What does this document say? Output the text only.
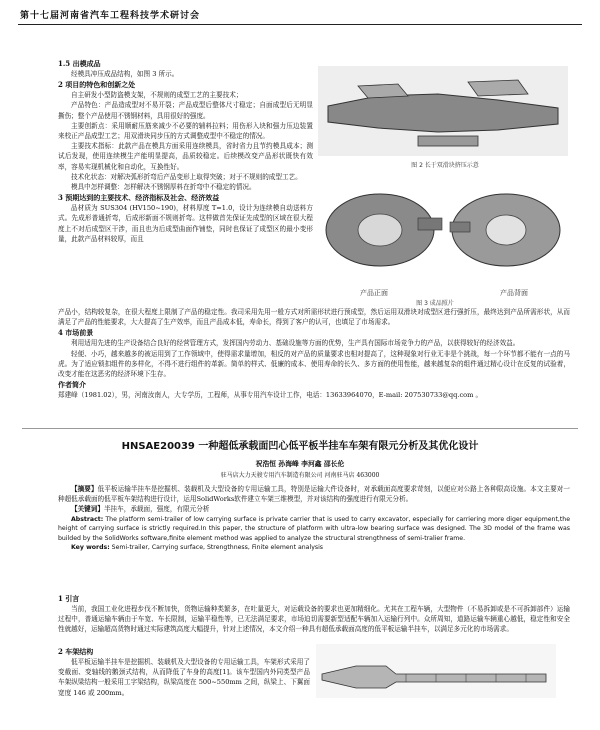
第十七届河南省汽车工程科技学术研讨会

1.5 出模成品

经模具冲压成品结构，如图 3 所示。

2 项目的特色和创新之处

自主研发小型防盗模支架，不规则的成型工艺的主要技术；

产品特色：产品造成型对不易开裂；产品成型后整体尺寸稳定；自面成型后无明显撕伤；整个产品使用不锈钢材料，具用很好的强度。

主要创新点：采用顺耐压筋来减少不必要的辅料拉料；用伤形入块和强力压边装置来校正产品成型工艺；用双滑块同步压的方式调整成型中不稳定的情况。

主要技术指标：此款产品在模具方面采用连续模具，省时省力且节约模具成本；测试后发现，使用连续模生产能明显提高，品质较稳定。后续模改变产品形状既快有效率，容易实现机械化和自动化，互换性好。

技术化状态：对解决弧形折弯后产品变形上取得突破；对于不规则的成型工艺。

模具中怎样调整：怎样解决不锈钢厚料在折弯中不稳定的情况。

3 预期达到的主要技术、经济指标及社会、经济效益

品材质为 SUS304 (HV150~190)，材料厚度 T=1.0，设计为连续模自动送料方式。先成形普通折弯，后成形新面不规则折弯。这样做首先保证先成型的区域在很大程度上不对后成型区干涉，而且也为后成型曲面作铺垫，同时也保证了成型区的最小变形量，此款产品材料较厚，而且

图 2 长于双滑块挤压示意
产品正面	产品背面
图 3 成品照片

产品小，结构较复杂，在很大程度上限制了产品的稳定性。我司采用先用一般方式对所需形状进行预成型，然后运用双滑块对成型区进行强折压，最终达到产品所需形状，从而满足了产品的性能要求，大大提高了生产效率，而且产品成本低，寿命长，得到了客户的认可，也填足了市场需求。

4 市场前景

利用适用先进的生产设备结合良好的经营管理方式，发挥国内劳动力、基础设施等方面的优势，生产具有国际市场竞争力的产品，以获得较好的经济效益。

轻便、小巧，越来越多的被运用到了工作领域中，使得需求量增加，相反的对产品的质量要求也相对提高了，这种现象对行业无非是个挑战，每一个环节都不能有一点的马虎。为了适应锁扣组件的多样化，不得不进行组件的革新。简单的样式、低廉的成本、使用寿命的长久、多方面的使用性能，越来越复杂的组件通过精心设计在反复的试验着，改变才能在这恶劣的经济环境下生存。

作者简介

郑建峰（1981.02），男，河南汝南人，大专学历，工程师，从事专用汽车设计工作，电话：13633964070，E-mail: 207530733@qq.com 。

HNSAE20039 一种超低承载面凹心低平板半挂车车架有限元分析及其优化设计
祝浩恒 孙海峰 李河鑫 邵长伦
驻马店大力天骏专用汽车制造有限公司 河南驻马店 463000

【摘要】低平板运输半挂车是挖掘机、装载机及大型设备的专用运输工具，特别是运输大件设备时，对承载面高度要求苛刻，以便应对公路上各种限高设施。本文主要对一种超低承载面的低平板车架结构进行设计，运用SolidWorks软件建立车架三维模型，并对该结构的强度进行有限元分析。

【关键词】半挂车，承载面，强度，有限元分析

Abstract: The platform semi-trailer of low carrying surface is private carrier that is used to carry excavator, especially for carriering more diger equipment,the height of carrying surface is strictly required.In this paper, the structure of platform with ultra-low bearing surface was designed. The 3D model of the frame was builded by the SolidWorks software,finite element method was applied to analyze the structural strengthness of semi-tralier frame.

Key words: Semi-trailer, Carrying surface, Strengthness, Finite element analysis

1 引言

当前，我国工业化进程步伐不断加快，货物运输种类繁多，在吐量更大，对运载设备的要求也更加精细化。尤其在工程车辆，大型物件（不易拆卸或是不可拆卸部件）运输过程中，普通运输车辆由于车宽、车长限制，运输平稳性等，已无法满足要求，市场迫切需要新型适配车辆加入运输行列中。众所周知，道路运输车辆重心越低，稳定性和安全性就越好，运输超高货物时通过实际建筑高度大幅提升，针对上述情况，本文介绍一种具有超低承载面高度的低平板运输半挂车，以满足多元化的市场需求。

2 车架结构

低平板运输半挂车是挖掘机、装载机及大型设备的专用运输工具，车架形式采用了变截面、变轴线的鹅颈式结构，从而降低了车身的高度[1]。该车型国内外同类型产品车架纵梁结构一般采用工字梁结构，纵梁高度在 500~550mm 之间，纵梁上、下翼面宽度 146 或 200mm。
